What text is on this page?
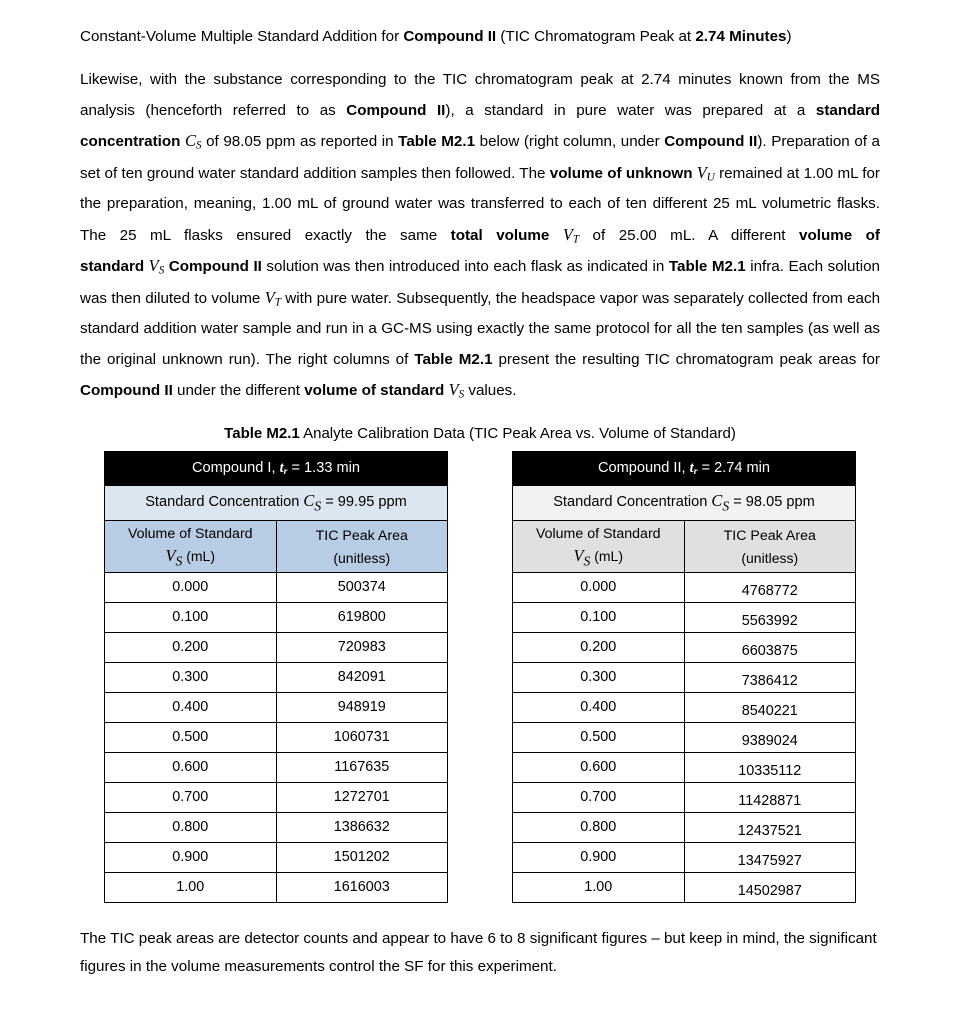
Constant-Volume Multiple Standard Addition for Compound II (TIC Chromatogram Peak at 2.74 Minutes)

Likewise, with the substance corresponding to the TIC chromatogram peak at 2.74 minutes known from the MS analysis (henceforth referred to as Compound II), a standard in pure water was prepared at a standard concentration $C_S$ of 98.05 ppm as reported in Table M2.1 below (right column, under Compound II). Preparation of a set of ten ground water standard addition samples then followed. The volume of unknown $V_U$ remained at 1.00 mL for the preparation, meaning, 1.00 mL of ground water was transferred to each of ten different 25 mL volumetric flasks. The 25 mL flasks ensured exactly the same total volume $V_T$ of 25.00 mL. A different volume of standard $V_S$ Compound II solution was then introduced into each flask as indicated in Table M2.1 infra. Each solution was then diluted to volume $V_T$ with pure water. Subsequently, the headspace vapor was separately collected from each standard addition water sample and run in a GC-MS using exactly the same protocol for all the ten samples (as well as the original unknown run). The right columns of Table M2.1 present the resulting TIC chromatogram peak areas for Compound II under the different volume of standard $V_S$ values.

Table M2.1 Analyte Calibration Data (TIC Peak Area vs. Volume of Standard)
Compound I, $t_r = 1.33$ min	
Standard Concentration $C_S = 99.95$ ppm	

Volume of Standard
$V_S$ (mL)

TIC Peak Area
(unitless)

0.000	500374
0.100	619800
0.200	720983
0.300	842091
0.400	948919
0.500	1060731
0.600	1167635
0.700	1272701
0.800	1386632
0.900	1501202
1.00	1616003
Compound II, $t_r = 2.74$ min	
Standard Concentration $C_S = 98.05$ ppm	

Volume of Standard
$V_S$ (mL)

TIC Peak Area
(unitless)

0.000	4768772
0.100	5563992
0.200	6603875
0.300	7386412
0.400	8540221
0.500	9389024
0.600	10335112
0.700	11428871
0.800	12437521
0.900	13475927
1.00	14502987

The TIC peak areas are detector counts and appear to have 6 to 8 significant figures – but keep in mind, the significant figures in the volume measurements control the SF for this experiment.
